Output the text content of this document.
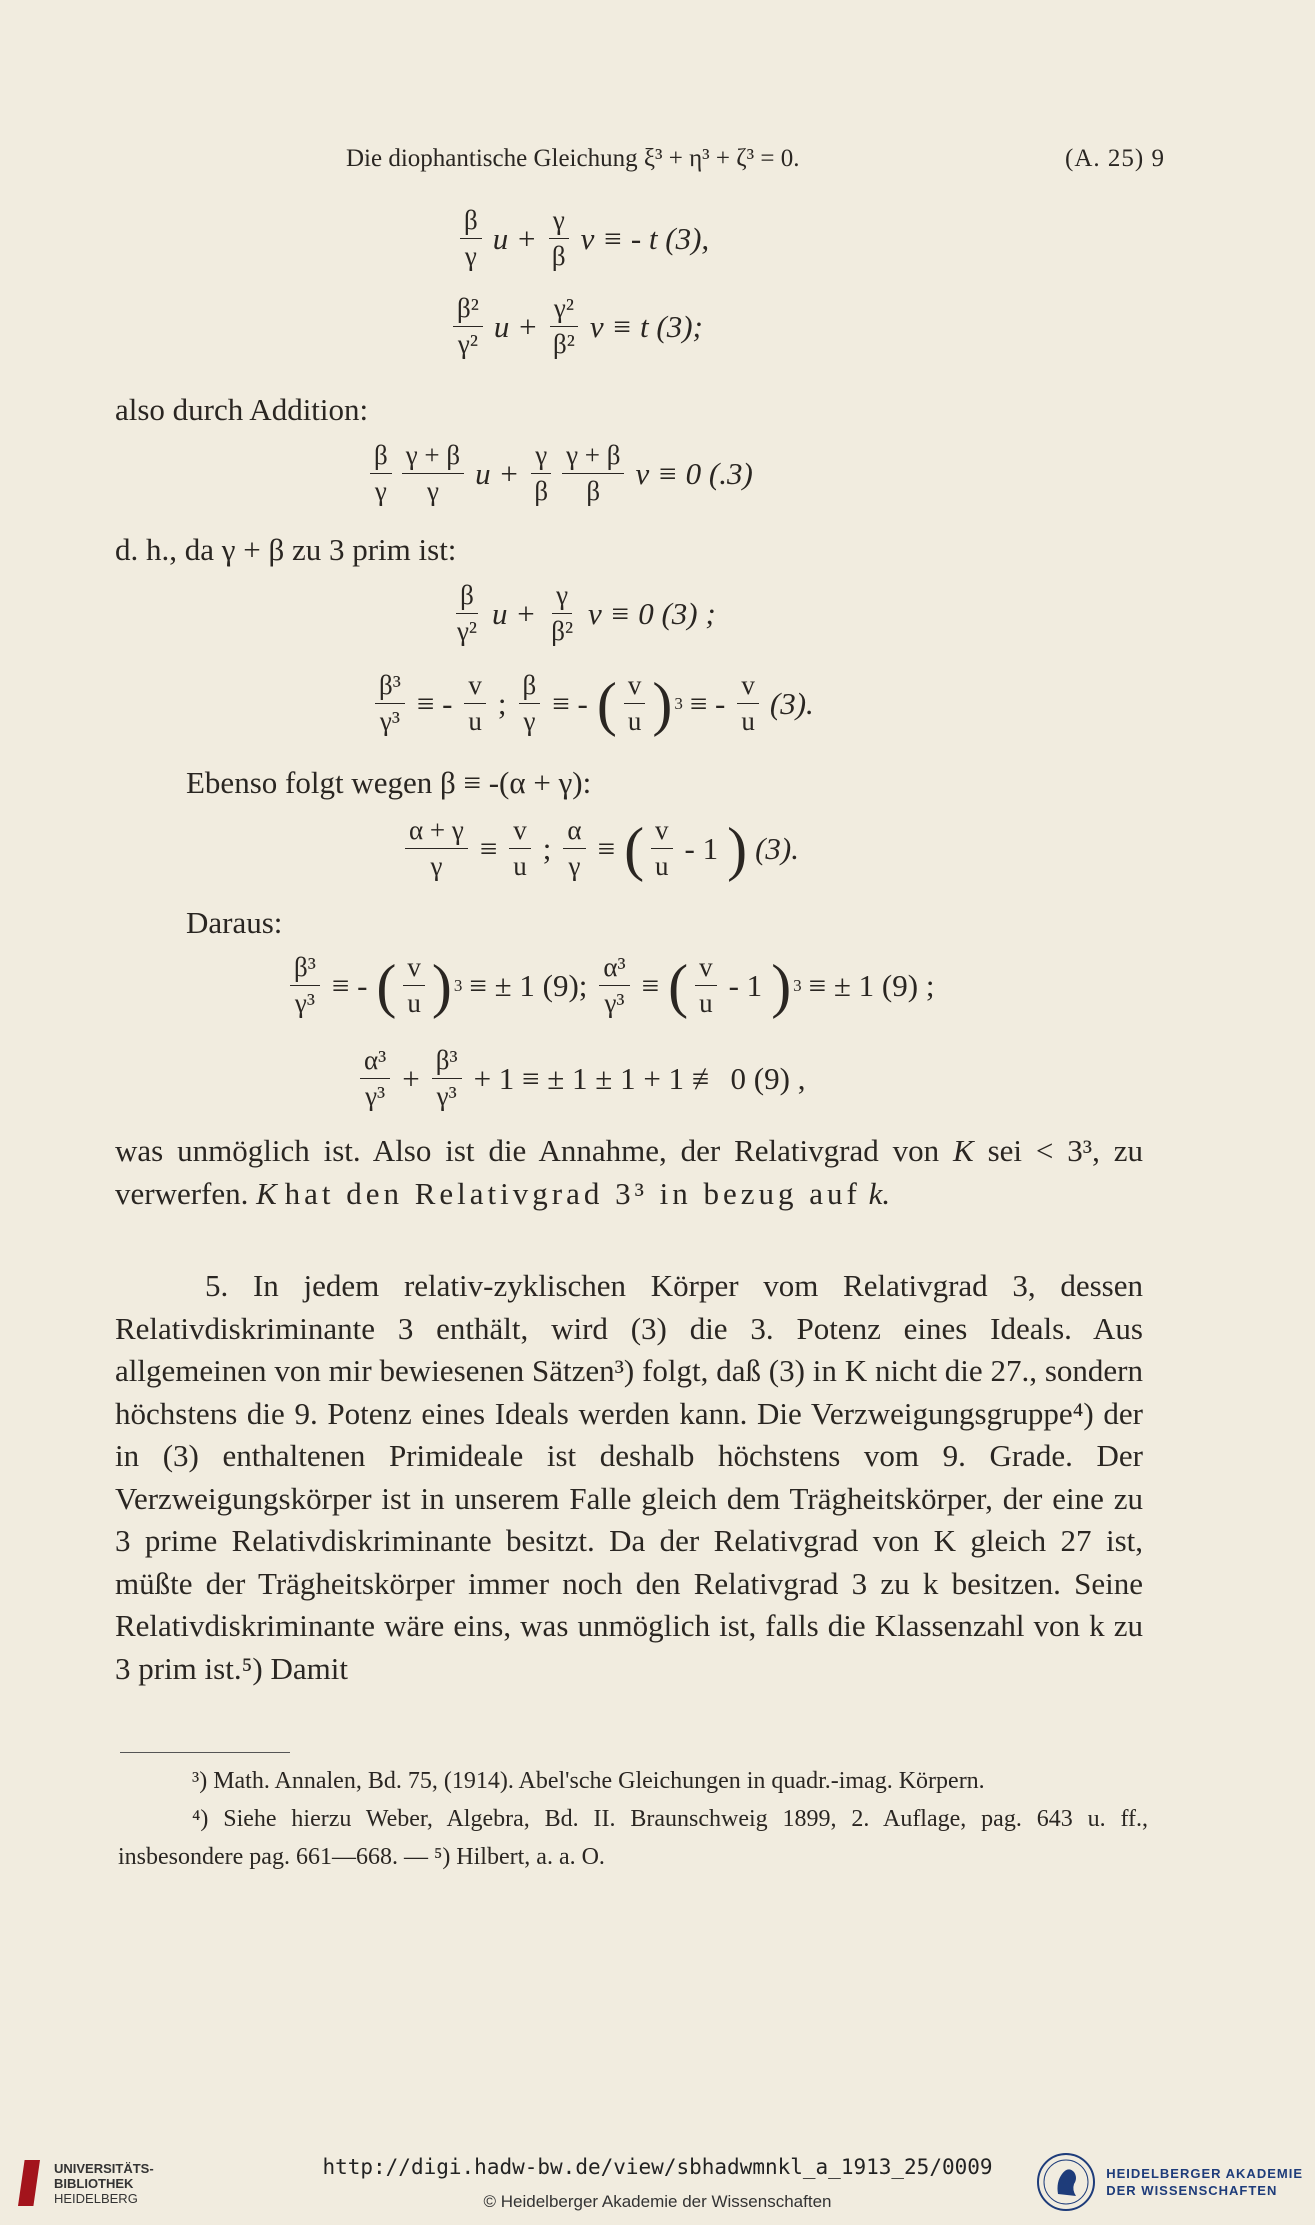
Die diophantische Gleichung ξ³ + η³ + ζ³ = 0.	(A. 25) 9
$\frac{\beta}{\gamma}$ $u + \frac{\gamma}{\beta}$ v ≡ - t (3),
$\frac{\text{β²}}{\text{γ²}}$ $u + \frac{\text{γ²}}{\text{β²}}$ v ≡ t (3);
also durch Addition:
$\frac{\beta}{\gamma} \frac{\gamma + \beta}{\gamma}$ $u + \frac{\gamma}{\beta} \frac{\gamma + \beta}{\beta}$ v ≡ 0 (.3)
d. h., da γ + β zu 3 prim ist:
$\frac{\beta}{\text{γ²}}$ $u + \frac{\gamma}{\text{β²}}$ v ≡ 0 (3) ;
$\frac{\text{β³}}{\text{γ³}}$ ≡ - $\frac{v}{u}$ ; $\frac{\beta}{\gamma}$ ≡ - ( $\frac{v}{u}$ ) 3 ≡ - $\frac{v}{u} (3)$.
Ebenso folgt wegen β ≡ -(α + γ):
$\frac{\alpha + \gamma}{\gamma} \equiv \frac{v}{u}$ ; $\frac{\alpha}{\gamma}$ ≡ ( $\frac{v}{u} - 1$ ) (3).
Daraus:
$\frac{\text{β³}}{\text{γ³}}$ ≡ - ( $\frac{v}{u}$ ) 3 ≡ ± 1 (9); $\frac{\text{α³}}{\text{γ³}}$ ≡ ( $\frac{v}{u} - 1$ ) 3 ≡ ± 1 (9) ;
$\frac{\text{α³}}{\text{γ³}} + \frac{\text{β³}}{\text{γ³}} + 1$ ≡ ± 1 ± 1 + 1 ≢ 0 (9) ,
was unmöglich ist. Also ist die Annahme, der Relativgrad von K sei < 3³, zu verwerfen. K hat den Relativgrad 3³ in bezug auf k.

5. In jedem relativ-zyklischen Körper vom Relativgrad 3, dessen Relativdiskriminante 3 enthält, wird (3) die 3. Potenz eines Ideals. Aus allgemeinen von mir bewiesenen Sätzen³) folgt, daß (3) in K nicht die 27., sondern höchstens die 9. Potenz eines Ideals werden kann. Die Verzweigungsgruppe⁴) der in (3) enthaltenen Primideale ist deshalb höchstens vom 9. Grade. Der Verzweigungskörper ist in unserem Falle gleich dem Trägheitskörper, der eine zu 3 prime Relativdiskriminante besitzt. Da der Relativgrad von K gleich 27 ist, müßte der Trägheitskörper immer noch den Relativgrad 3 zu k besitzen. Seine Relativdiskriminante wäre eins, was unmöglich ist, falls die Klassenzahl von k zu 3 prim ist.⁵) Damit

³) Math. Annalen, Bd. 75, (1914). Abel'sche Gleichungen in quadr.-imag. Körpern.

⁴) Siehe hierzu Weber, Algebra, Bd. II. Braunschweig 1899, 2. Auflage, pag. 643 u. ff., insbesondere pag. 661—668. — ⁵) Hilbert, a. a. O.

UNIVERSITÄTS-
BIBLIOTHEK
HEIDELBERG
http://digi.hadw-bw.de/view/sbhadwmnkl_a_1913_25/0009
© Heidelberger Akademie der Wissenschaften
HEIDELBERGER AKADEMIE
DER WISSENSCHAFTEN
